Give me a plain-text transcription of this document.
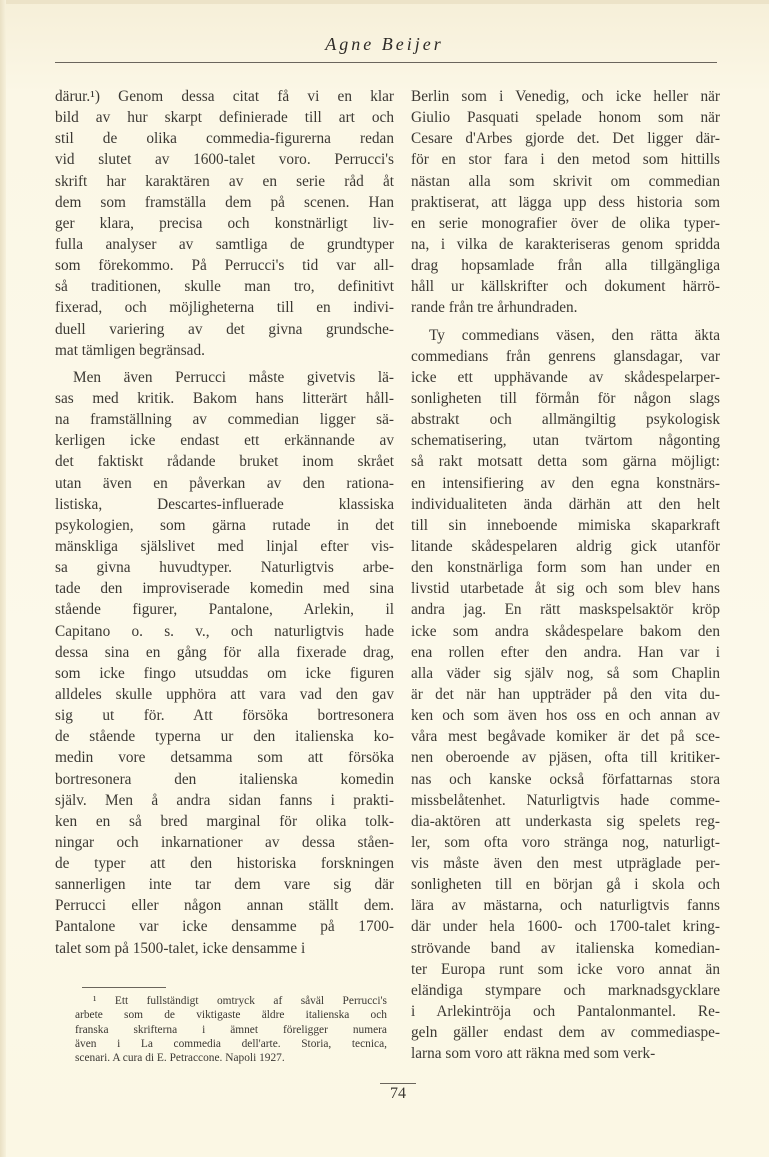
Agne Beijer
därur.¹) Genom dessa citat få vi en klar
bild av hur skarpt definierade till art och
stil de olika commedia-figurerna redan
vid slutet av 1600-talet voro. Perrucci's
skrift har karaktären av en serie råd åt
dem som framställa dem på scenen. Han
ger klara, precisa och konstnärligt liv-
fulla analyser av samtliga de grundtyper
som förekommo. På Perrucci's tid var all-
så traditionen, skulle man tro, definitivt
fixerad, och möjligheterna till en indivi-
duell variering av det givna grundsche-
mat tämligen begränsad.
Men även Perrucci måste givetvis lä-
sas med kritik. Bakom hans litterärt håll-
na framställning av commedian ligger sä-
kerligen icke endast ett erkännande av
det faktiskt rådande bruket inom skrået
utan även en påverkan av den rationa-
listiska, Descartes-influerade klassiska
psykologien, som gärna rutade in det
mänskliga själslivet med linjal efter vis-
sa givna huvudtyper. Naturligtvis arbe-
tade den improviserade komedin med sina
stående figurer, Pantalone, Arlekin, il
Capitano o. s. v., och naturligtvis hade
dessa sina en gång för alla fixerade drag,
som icke fingo utsuddas om icke figuren
alldeles skulle upphöra att vara vad den gav
sig ut för. Att försöka bortresonera
de stående typerna ur den italienska ko-
medin vore detsamma som att försöka
bortresonera den italienska komedin
själv. Men å andra sidan fanns i prakti-
ken en så bred marginal för olika tolk-
ningar och inkarnationer av dessa ståen-
de typer att den historiska forskningen
sannerligen inte tar dem vare sig där
Perrucci eller någon annan ställt dem.
Pantalone var icke densamme på 1700-
talet som på 1500-talet, icke densamme i
Berlin som i Venedig, och icke heller när
Giulio Pasquati spelade honom som när
Cesare d'Arbes gjorde det. Det ligger där-
för en stor fara i den metod som hittills
nästan alla som skrivit om commedian
praktiserat, att lägga upp dess historia som
en serie monografier över de olika typer-
na, i vilka de karakteriseras genom spridda
drag hopsamlade från alla tillgängliga
håll ur källskrifter och dokument härrö-
rande från tre århundraden.
Ty commedians väsen, den rätta äkta
commedians från genrens glansdagar, var
icke ett upphävande av skådespelarper-
sonligheten till förmån för någon slags
abstrakt och allmängiltig psykologisk
schematisering, utan tvärtom någonting
så rakt motsatt detta som gärna möjligt:
en intensifiering av den egna konstnärs-
individualiteten ända därhän att den helt
till sin inneboende mimiska skaparkraft
litande skådespelaren aldrig gick utanför
den konstnärliga form som han under en
livstid utarbetade åt sig och som blev hans
andra jag. En rätt maskspelsaktör kröp
icke som andra skådespelare bakom den
ena rollen efter den andra. Han var i
alla väder sig själv nog, så som Chaplin
är det när han uppträder på den vita du-
ken och som även hos oss en och annan av
våra mest begåvade komiker är det på sce-
nen oberoende av pjäsen, ofta till kritiker-
nas och kanske också författarnas stora
missbelåtenhet. Naturligtvis hade comme-
dia-aktören att underkasta sig spelets reg-
ler, som ofta voro stränga nog, naturligt-
vis måste även den mest utpräglade per-
sonligheten till en början gå i skola och
lära av mästarna, och naturligtvis fanns
där under hela 1600- och 1700-talet kring-
strövande band av italienska komedian-
ter Europa runt som icke voro annat än
eländiga stympare och marknadsgycklare
i Arlekintröja och Pantalonmantel. Re-
geln gäller endast dem av commediaspe-
larna som voro att räkna med som verk-
¹ Ett fullständigt omtryck af såväl Perrucci's
arbete som de viktigaste äldre italienska och
franska skrifterna i ämnet föreligger numera
även i La commedia dell'arte. Storia, tecnica,
scenari. A cura di E. Petraccone. Napoli 1927.
74
